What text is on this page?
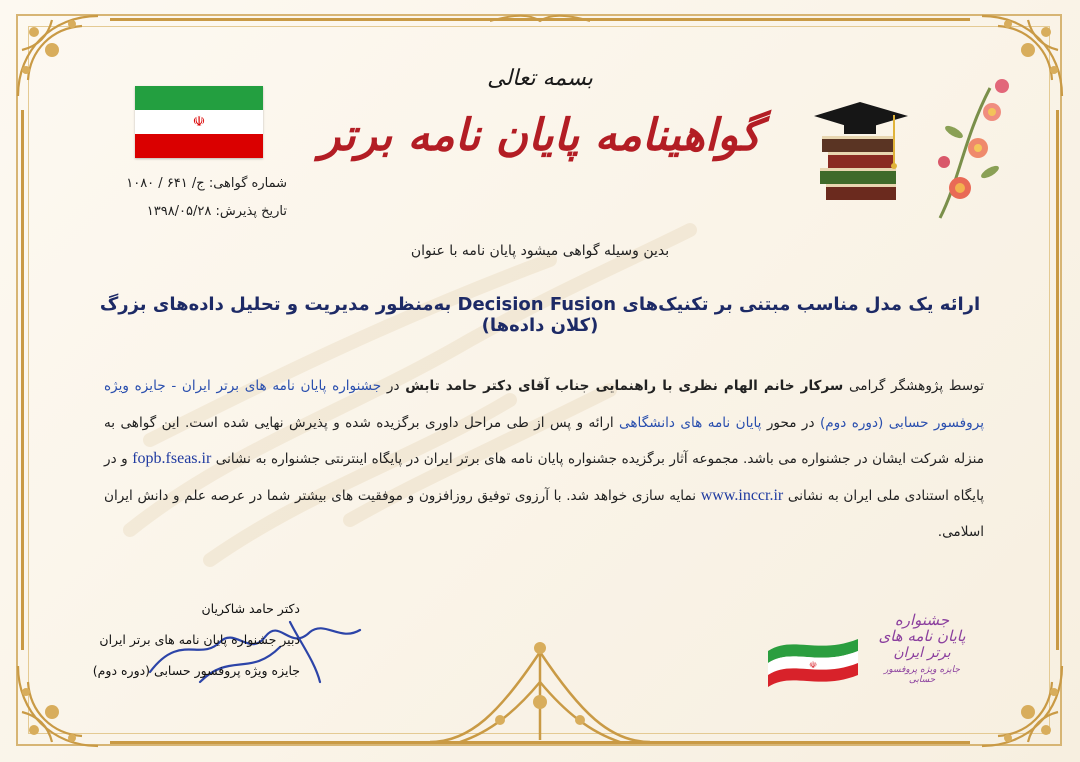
☫
شماره گواهی: ج/ ۶۴۱ / ۱۰۸۰
تاریخ پذیرش: ۱۳۹۸/۰۵/۲۸
بسمه تعالی
گواهینامه پایان نامه برتر
بدین وسیله گواهی میشود پایان نامه با عنوان
ارائه یک مدل مناسب مبتنی بر تکنیک‌های Decision Fusion به‌منظور مدیریت و تحلیل داده‌های بزرگ (کلان داده‌ها)
توسط پژوهشگر گرامی سرکار خانم الهام نظری با راهنمایی جناب آقای دکتر حامد تابش در جشنواره پایان نامه های برتر ایران - جایزه ویژه پروفسور حسابی (دوره دوم) در محور پایان نامه های دانشگاهی ارائه و پس از طی مراحل داوری برگزیده شده و پذیرش نهایی شده است. این گواهی به منزله شرکت ایشان در جشنواره می باشد. مجموعه آثار برگزیده جشنواره پایان نامه های برتر ایران در پایگاه اینترنتی جشنواره به نشانی fopb.fseas.ir و در پایگاه استنادی ملی ایران به نشانی www.inccr.ir نمایه سازی خواهد شد. با آرزوی توفیق روزافزون و موفقیت های بیشتر شما در عرصه علم و دانش ایران اسلامی.
دکتر حامد شاکریان
دبیر جشنواره پایان نامه های برتر ایران
جایزه ویژه پروفسور حسابی (دوره دوم)	☫
جشنواره
پایان نامه های
برتر ایران
جایزه ویژه پروفسور حسابی
